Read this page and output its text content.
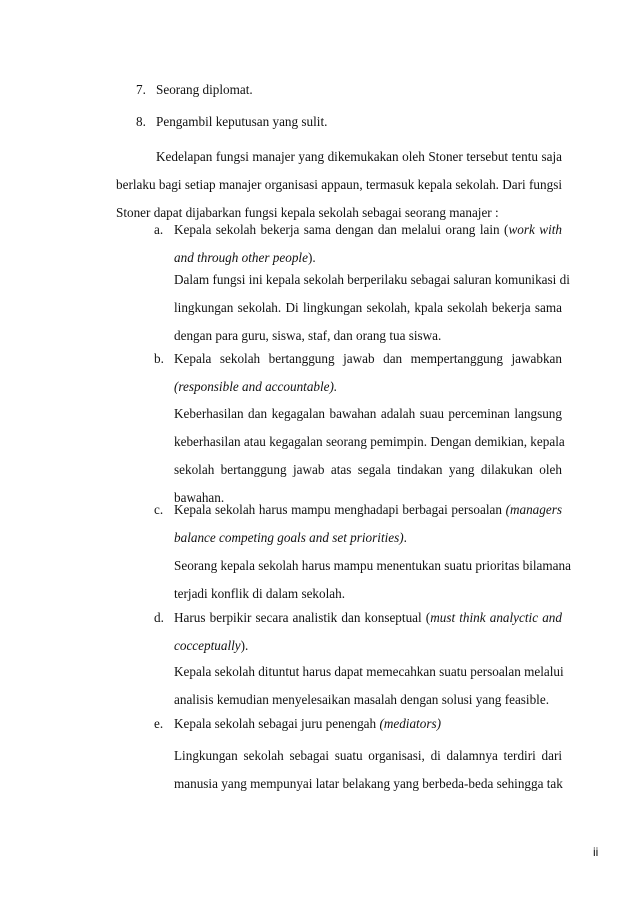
7. Seorang diplomat.
8. Pengambil keputusan yang sulit.
Kedelapan fungsi manajer yang dikemukakan oleh Stoner tersebut tentu saja
berlaku bagi setiap manajer organisasi appaun, termasuk kepala sekolah. Dari fungsi
Stoner dapat dijabarkan fungsi kepala sekolah sebagai seorang manajer :
a. Kepala sekolah bekerja sama dengan dan melalui orang lain (work with
and through other people).
Dalam fungsi ini kepala sekolah berperilaku sebagai saluran komunikasi di
lingkungan sekolah. Di lingkungan sekolah, kpala sekolah bekerja sama
dengan para guru, siswa, staf, dan orang tua siswa.
b. Kepala sekolah bertanggung jawab dan mempertanggung jawabkan
(responsible and accountable).
Keberhasilan dan kegagalan bawahan adalah suau perceminan langsung
keberhasilan atau kegagalan seorang pemimpin. Dengan demikian, kepala
sekolah bertanggung jawab atas segala tindakan yang dilakukan oleh
bawahan.
c. Kepala sekolah harus mampu menghadapi berbagai persoalan (managers
balance competing goals and set priorities).
Seorang kepala sekolah harus mampu menentukan suatu prioritas bilamana
terjadi konflik di dalam sekolah.
d. Harus berpikir secara analistik dan konseptual (must think analyctic and
cocceptually).
Kepala sekolah dituntut harus dapat memecahkan suatu persoalan melalui
analisis kemudian menyelesaikan masalah dengan solusi yang feasible.
e. Kepala sekolah sebagai juru penengah (mediators)
Lingkungan sekolah sebagai suatu organisasi, di dalamnya terdiri dari
manusia yang mempunyai latar belakang yang berbeda-beda sehingga tak
ii
